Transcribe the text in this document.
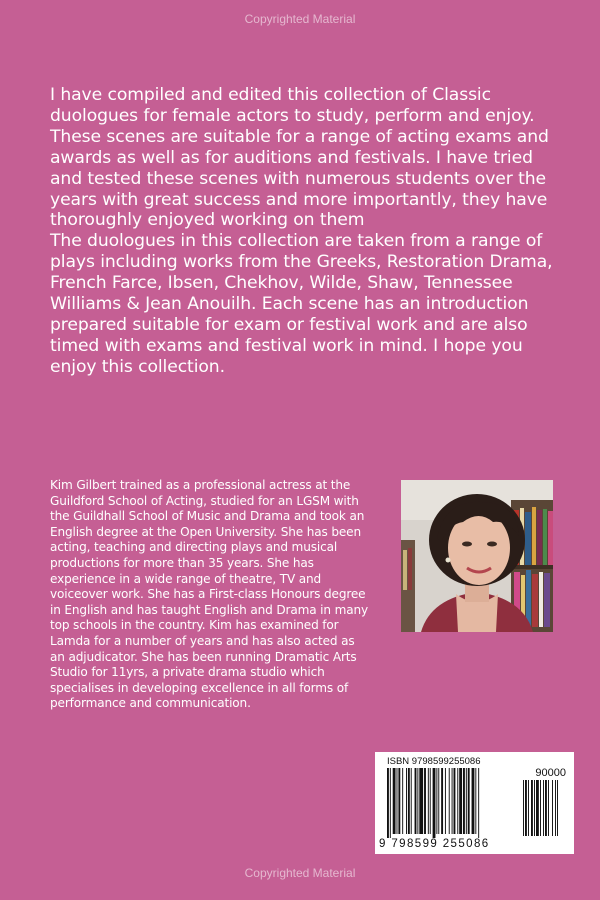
Copyrighted Material

I have compiled and edited this collection of Classic duologues for female actors to study, perform and enjoy. These scenes are suitable for a range of acting exams and awards as well as for auditions and festivals. I have tried and tested these scenes with numerous students over the years with great success and more importantly, they have thoroughly enjoyed working on them

The duologues in this collection are taken from a range of plays including works from the Greeks, Restoration Drama, French Farce, Ibsen, Chekhov, Wilde, Shaw, Tennessee Williams & Jean Anouilh. Each scene has an introduction prepared suitable for exam or festival work and are also timed with exams and festival work in mind. I hope you enjoy this collection.

Kim Gilbert trained as a professional actress at the Guildford School of Acting, studied for an LGSM with the Guildhall School of Music and Drama and took an English degree at the Open University. She has been acting, teaching and directing plays and musical productions for more than 35 years. She has experience in a wide range of theatre, TV and voiceover work. She has a First-class Honours degree in English and has taught English and Drama in many top schools in the country. Kim has examined for Lamda for a number of years and has also acted as an adjudicator. She has been running Dramatic Arts Studio for 11yrs, a private drama studio which specialises in developing excellence in all forms of performance and communication.

ISBN 9798599255086
90000
9 798599 255086
Copyrighted Material
